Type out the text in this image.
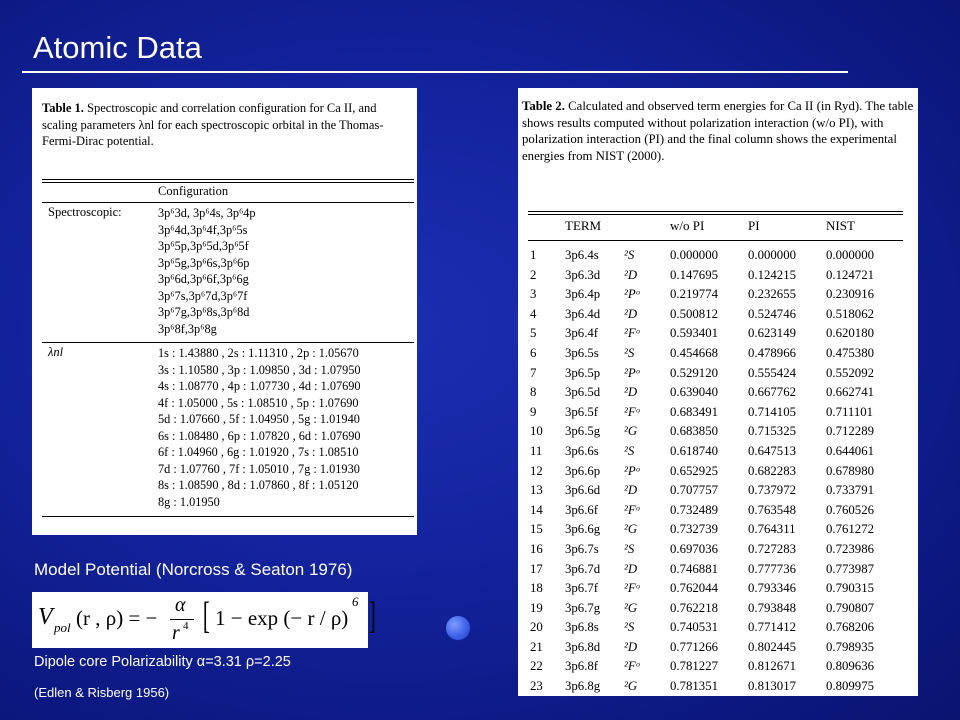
Atomic Data
Table 1. Spectroscopic and correlation configuration for Ca II, and scaling parameters λnl for each spectroscopic orbital in the Thomas-Fermi-Dirac potential.
Configuration
Spectroscopic:	3p⁶3d, 3p⁶4s, 3p⁶4p
3p⁶4d,3p⁶4f,3p⁶5s
3p⁶5p,3p⁶5d,3p⁶5f
3p⁶5g,3p⁶6s,3p⁶6p
3p⁶6d,3p⁶6f,3p⁶6g
3p⁶7s,3p⁶7d,3p⁶7f
3p⁶7g,3p⁶8s,3p⁶8d
3p⁶8f,3p⁶8g
λnl	1s : 1.43880 , 2s : 1.11310 , 2p : 1.05670
3s : 1.10580 , 3p : 1.09850 , 3d : 1.07950
4s : 1.08770 , 4p : 1.07730 , 4d : 1.07690
4f : 1.05000 , 5s : 1.08510 , 5p : 1.07690
5d : 1.07660 , 5f : 1.04950 , 5g : 1.01940
6s : 1.08480 , 6p : 1.07820 , 6d : 1.07690
6f : 1.04960 , 6g : 1.01920 , 7s : 1.08510
7d : 1.07760 , 7f : 1.05010 , 7g : 1.01930
8s : 1.08590 , 8d : 1.07860 , 8f : 1.05120
8g : 1.01950
Table 2. Calculated and observed term energies for Ca II (in Ryd). The table shows results computed without polarization interaction (w/o PI), with polarization interaction (PI) and the final column shows the experimental energies from NIST (2000).
TERM	w/o PI	PI	NIST
1 3p6.4s ²S	0.000000 0.000000 0.000000
2 3p6.3d ²D	0.147695 0.124215 0.124721
3 3p6.4p ²Pᵒ 0.219774 0.232655 0.230916
4 3p6.4d ²D	0.500812 0.524746 0.518062
5 3p6.4f ²Fᵒ 0.593401 0.623149 0.620180
6 3p6.5s ²S	0.454668 0.478966 0.475380
7 3p6.5p ²Pᵒ 0.529120 0.555424 0.552092
8 3p6.5d ²D	0.639040 0.667762 0.662741
9 3p6.5f ²Fᵒ 0.683491 0.714105 0.711101
10 3p6.5g ²G	0.683850 0.715325 0.712289
11 3p6.6s ²S	0.618740 0.647513 0.644061
12 3p6.6p ²Pᵒ 0.652925 0.682283 0.678980
13 3p6.6d ²D	0.707757 0.737972 0.733791
14 3p6.6f ²Fᵒ 0.732489 0.763548 0.760526
15 3p6.6g ²G	0.732739 0.764311 0.761272
16 3p6.7s ²S	0.697036 0.727283 0.723986
17 3p6.7d ²D	0.746881 0.777736 0.773987
18 3p6.7f ²Fᵒ 0.762044 0.793346 0.790315
19 3p6.7g ²G	0.762218 0.793848 0.790807
20 3p6.8s ²S	0.740531 0.771412 0.768206
21 3p6.8d ²D	0.771266 0.802445 0.798935
22 3p6.8f ²Fᵒ 0.781227 0.812671 0.809636
23 3p6.8g ²G	0.781351 0.813017 0.809975
Model Potential (Norcross & Seaton 1976)
V pol (r , ρ) = −
α
r 4 [ 1 − exp (− r / ρ) ]
6
Dipole core Polarizability α=3.31 ρ=2.25
(Edlen & Risberg 1956)
